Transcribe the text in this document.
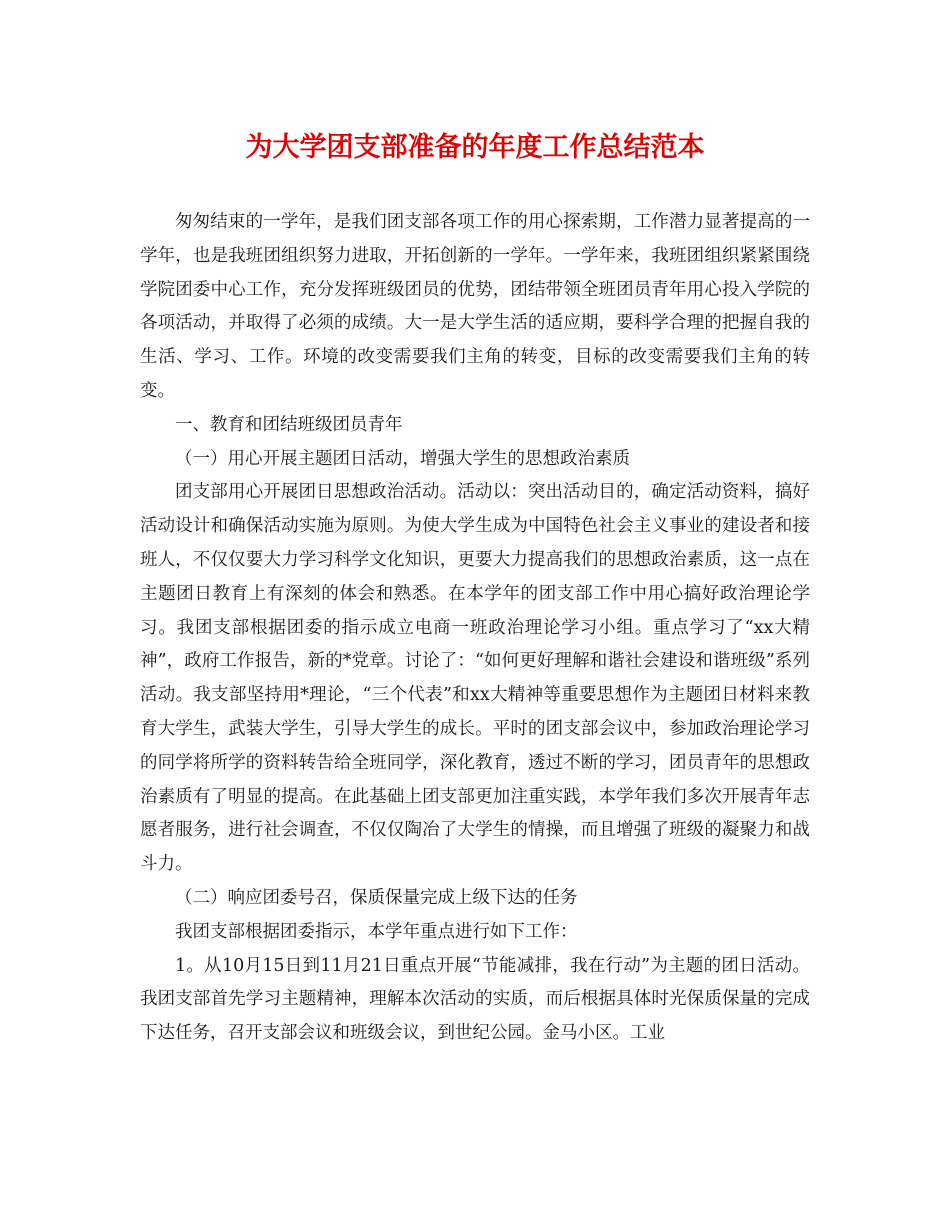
为大学团支部准备的年度工作总结范本

匆匆结束的一学年，是我们团支部各项工作的用心探索期，工作潜力显著提高的一学年，也是我班团组织努力进取，开拓创新的一学年。一学年来，我班团组织紧紧围绕学院团委中心工作，充分发挥班级团员的优势，团结带领全班团员青年用心投入学院的各项活动，并取得了必须的成绩。大一是大学生活的适应期，要科学合理的把握自我的生活、学习、工作。环境的改变需要我们主角的转变，目标的改变需要我们主角的转变。

一、教育和团结班级团员青年

（一）用心开展主题团日活动，增强大学生的思想政治素质

团支部用心开展团日思想政治活动。活动以：突出活动目的，确定活动资料，搞好活动设计和确保活动实施为原则。为使大学生成为中国特色社会主义事业的建设者和接班人，不仅仅要大力学习科学文化知识，更要大力提高我们的思想政治素质，这一点在主题团日教育上有深刻的体会和熟悉。在本学年的团支部工作中用心搞好政治理论学习。我团支部根据团委的指示成立电商一班政治理论学习小组。重点学习了“xx大精神”，政府工作报告，新的*党章。讨论了：“如何更好理解和谐社会建设和谐班级”系列活动。我支部坚持用*理论，“三个代表”和xx大精神等重要思想作为主题团日材料来教育大学生，武装大学生，引导大学生的成长。平时的团支部会议中，参加政治理论学习的同学将所学的资料转告给全班同学，深化教育，透过不断的学习，团员青年的思想政治素质有了明显的提高。在此基础上团支部更加注重实践，本学年我们多次开展青年志愿者服务，进行社会调查，不仅仅陶冶了大学生的情操，而且增强了班级的凝聚力和战斗力。

（二）响应团委号召，保质保量完成上级下达的任务

我团支部根据团委指示，本学年重点进行如下工作：

1。从10月15日到11月21日重点开展“节能减排，我在行动”为主题的团日活动。我团支部首先学习主题精神，理解本次活动的实质，而后根据具体时光保质保量的完成下达任务，召开支部会议和班级会议，到世纪公园。金马小区。工业
